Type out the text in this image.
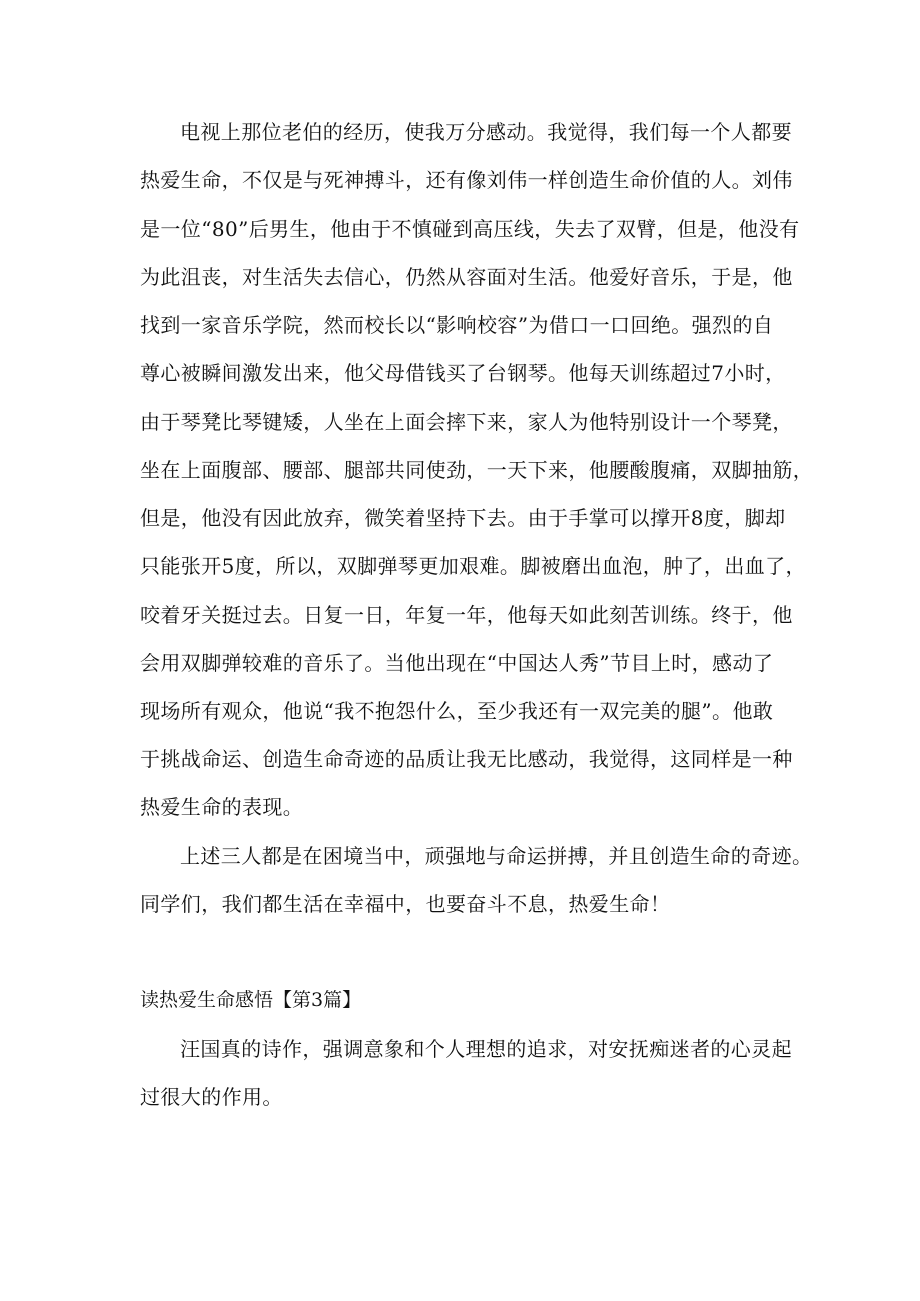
电视上那位老伯的经历，使我万分感动。我觉得，我们每一个人都要
热爱生命，不仅是与死神搏斗，还有像刘伟一样创造生命价值的人。刘伟
是一位“80”后男生，他由于不慎碰到高压线，失去了双臂，但是，他没有
为此沮丧，对生活失去信心，仍然从容面对生活。他爱好音乐，于是，他
找到一家音乐学院，然而校长以“影响校容”为借口一口回绝。强烈的自
尊心被瞬间激发出来，他父母借钱买了台钢琴。他每天训练超过7小时，
由于琴凳比琴键矮，人坐在上面会摔下来，家人为他特别设计一个琴凳，
坐在上面腹部、腰部、腿部共同使劲，一天下来，他腰酸腹痛，双脚抽筋，
但是，他没有因此放弃，微笑着坚持下去。由于手掌可以撑开8度，脚却
只能张开5度，所以，双脚弹琴更加艰难。脚被磨出血泡，肿了，出血了，
咬着牙关挺过去。日复一日，年复一年，他每天如此刻苦训练。终于，他
会用双脚弹较难的音乐了。当他出现在“中国达人秀”节目上时，感动了
现场所有观众，他说“我不抱怨什么，至少我还有一双完美的腿”。他敢
于挑战命运、创造生命奇迹的品质让我无比感动，我觉得，这同样是一种
热爱生命的表现。
上述三人都是在困境当中，顽强地与命运拼搏，并且创造生命的奇迹。
同学们，我们都生活在幸福中，也要奋斗不息，热爱生命！
读热爱生命感悟【第3篇】
汪国真的诗作，强调意象和个人理想的追求，对安抚痴迷者的心灵起
过很大的作用。
